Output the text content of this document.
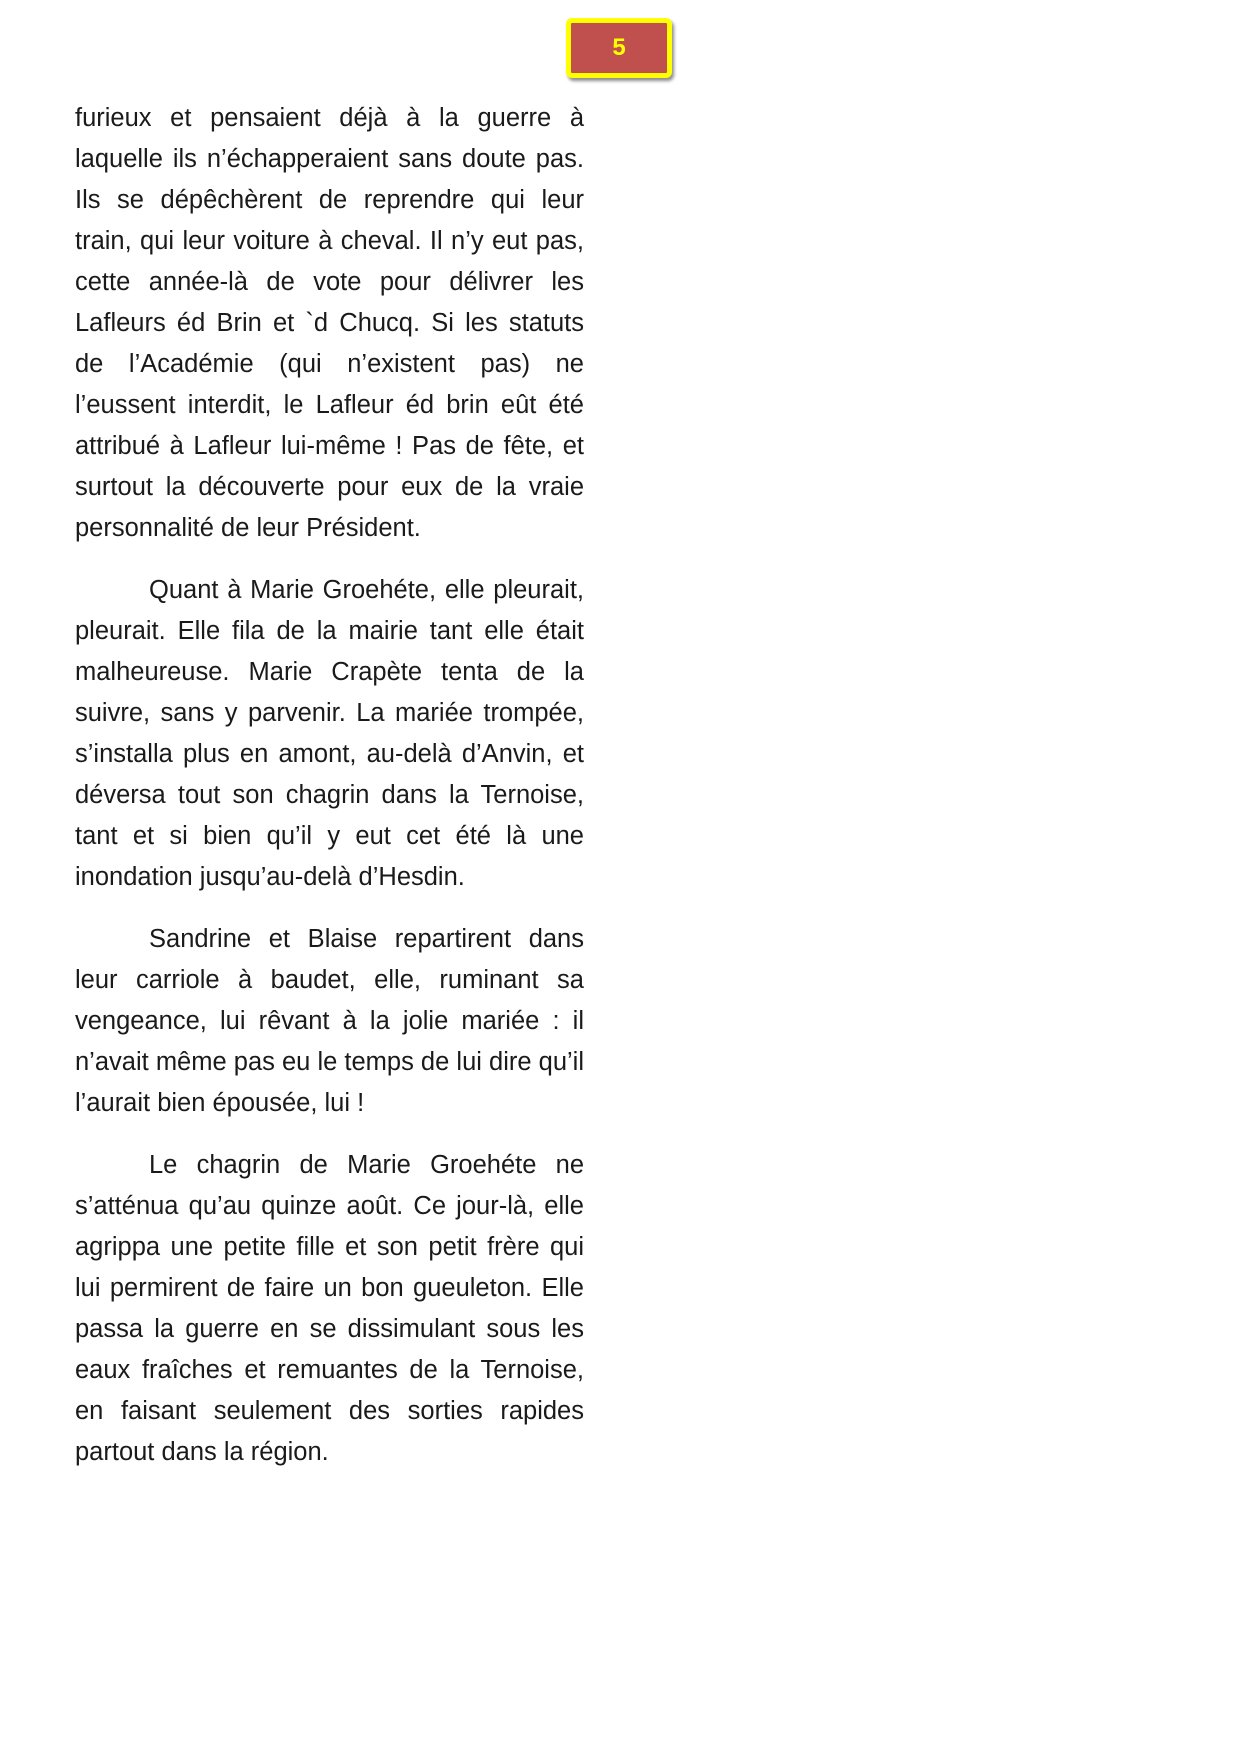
5

furieux et pensaient déjà à la guerre à laquelle ils n’échapperaient sans doute pas. Ils se dépêchèrent de reprendre qui leur train, qui leur voiture à cheval. Il n’y eut pas, cette année-là de vote pour délivrer les Lafleurs éd Brin et `d Chucq. Si les statuts de l’Académie (qui n’existent pas) ne l’eussent interdit, le Lafleur éd brin eût été attribué à Lafleur lui-même ! Pas de fête, et surtout la découverte pour eux de la vraie personnalité de leur Président.

Quant à Marie Groehéte, elle pleurait, pleurait. Elle fila de la mairie tant elle était malheureuse. Marie Crapète tenta de la suivre, sans y parvenir. La mariée trompée, s’installa plus en amont, au-delà d’Anvin, et déversa tout son chagrin dans la Ternoise, tant et si bien qu’il y eut cet été là une inondation jusqu’au-delà d’Hesdin.

Sandrine et Blaise repartirent dans leur carriole à baudet, elle, ruminant sa vengeance, lui rêvant à la jolie mariée : il n’avait même pas eu le temps de lui dire qu’il l’aurait bien épousée, lui !

Le chagrin de Marie Groehéte ne s’atténua qu’au quinze août. Ce jour-là, elle agrippa une petite fille et son petit frère qui lui permirent de faire un bon gueuleton. Elle passa la guerre en se dissimulant sous les eaux fraîches et remuantes de la Ternoise, en faisant seulement des sorties rapides partout dans la région.
